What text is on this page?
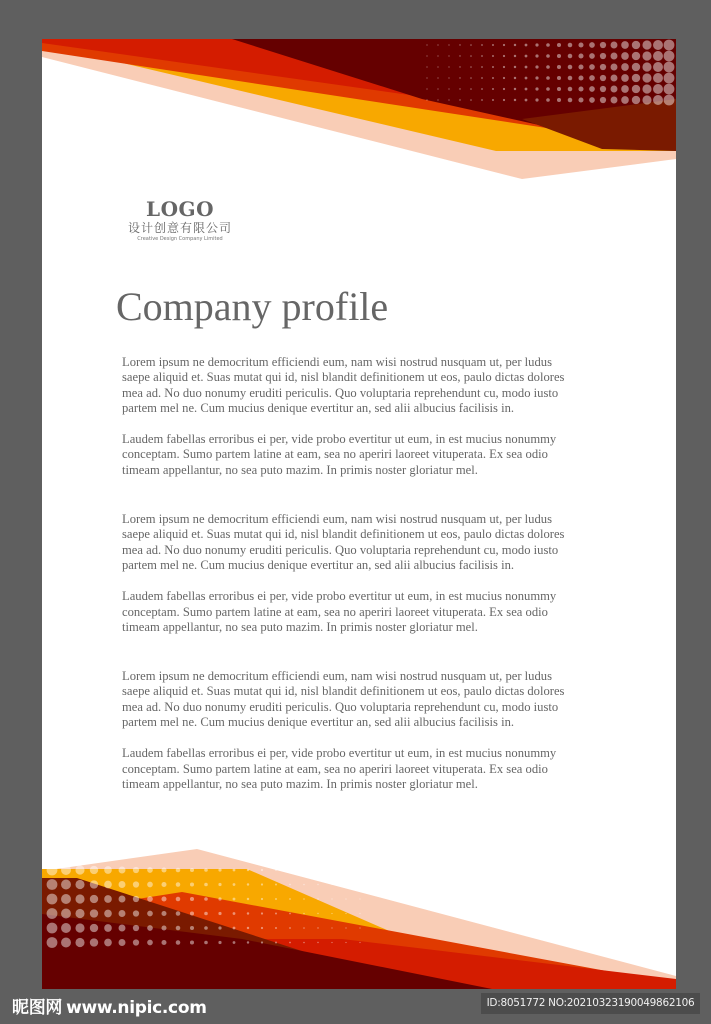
LOGO
设计创意有限公司
Creative Design Company Limited
Company profile

Lorem ipsum ne democritum efficiendi eum, nam wisi nostrud nusquam ut, per ludus

saepe aliquid et. Suas mutat qui id, nisl blandit definitionem ut eos, paulo dictas dolores

mea ad. No duo nonumy eruditi periculis. Quo voluptaria reprehendunt cu, modo iusto

partem mel ne. Cum mucius denique evertitur an, sed alii albucius facilisis in.

Laudem fabellas erroribus ei per, vide probo evertitur ut eum, in est mucius nonummy

conceptam. Sumo partem latine at eam, sea no aperiri laoreet vituperata. Ex sea odio

timeam appellantur, no sea puto mazim. In primis noster gloriatur mel.

Lorem ipsum ne democritum efficiendi eum, nam wisi nostrud nusquam ut, per ludus

saepe aliquid et. Suas mutat qui id, nisl blandit definitionem ut eos, paulo dictas dolores

mea ad. No duo nonumy eruditi periculis. Quo voluptaria reprehendunt cu, modo iusto

partem mel ne. Cum mucius denique evertitur an, sed alii albucius facilisis in.

Laudem fabellas erroribus ei per, vide probo evertitur ut eum, in est mucius nonummy

conceptam. Sumo partem latine at eam, sea no aperiri laoreet vituperata. Ex sea odio

timeam appellantur, no sea puto mazim. In primis noster gloriatur mel.

Lorem ipsum ne democritum efficiendi eum, nam wisi nostrud nusquam ut, per ludus

saepe aliquid et. Suas mutat qui id, nisl blandit definitionem ut eos, paulo dictas dolores

mea ad. No duo nonumy eruditi periculis. Quo voluptaria reprehendunt cu, modo iusto

partem mel ne. Cum mucius denique evertitur an, sed alii albucius facilisis in.

Laudem fabellas erroribus ei per, vide probo evertitur ut eum, in est mucius nonummy

conceptam. Sumo partem latine at eam, sea no aperiri laoreet vituperata. Ex sea odio

timeam appellantur, no sea puto mazim. In primis noster gloriatur mel.

昵图网 www.nipic.com	ID:8051772 NO:20210323190049862106
